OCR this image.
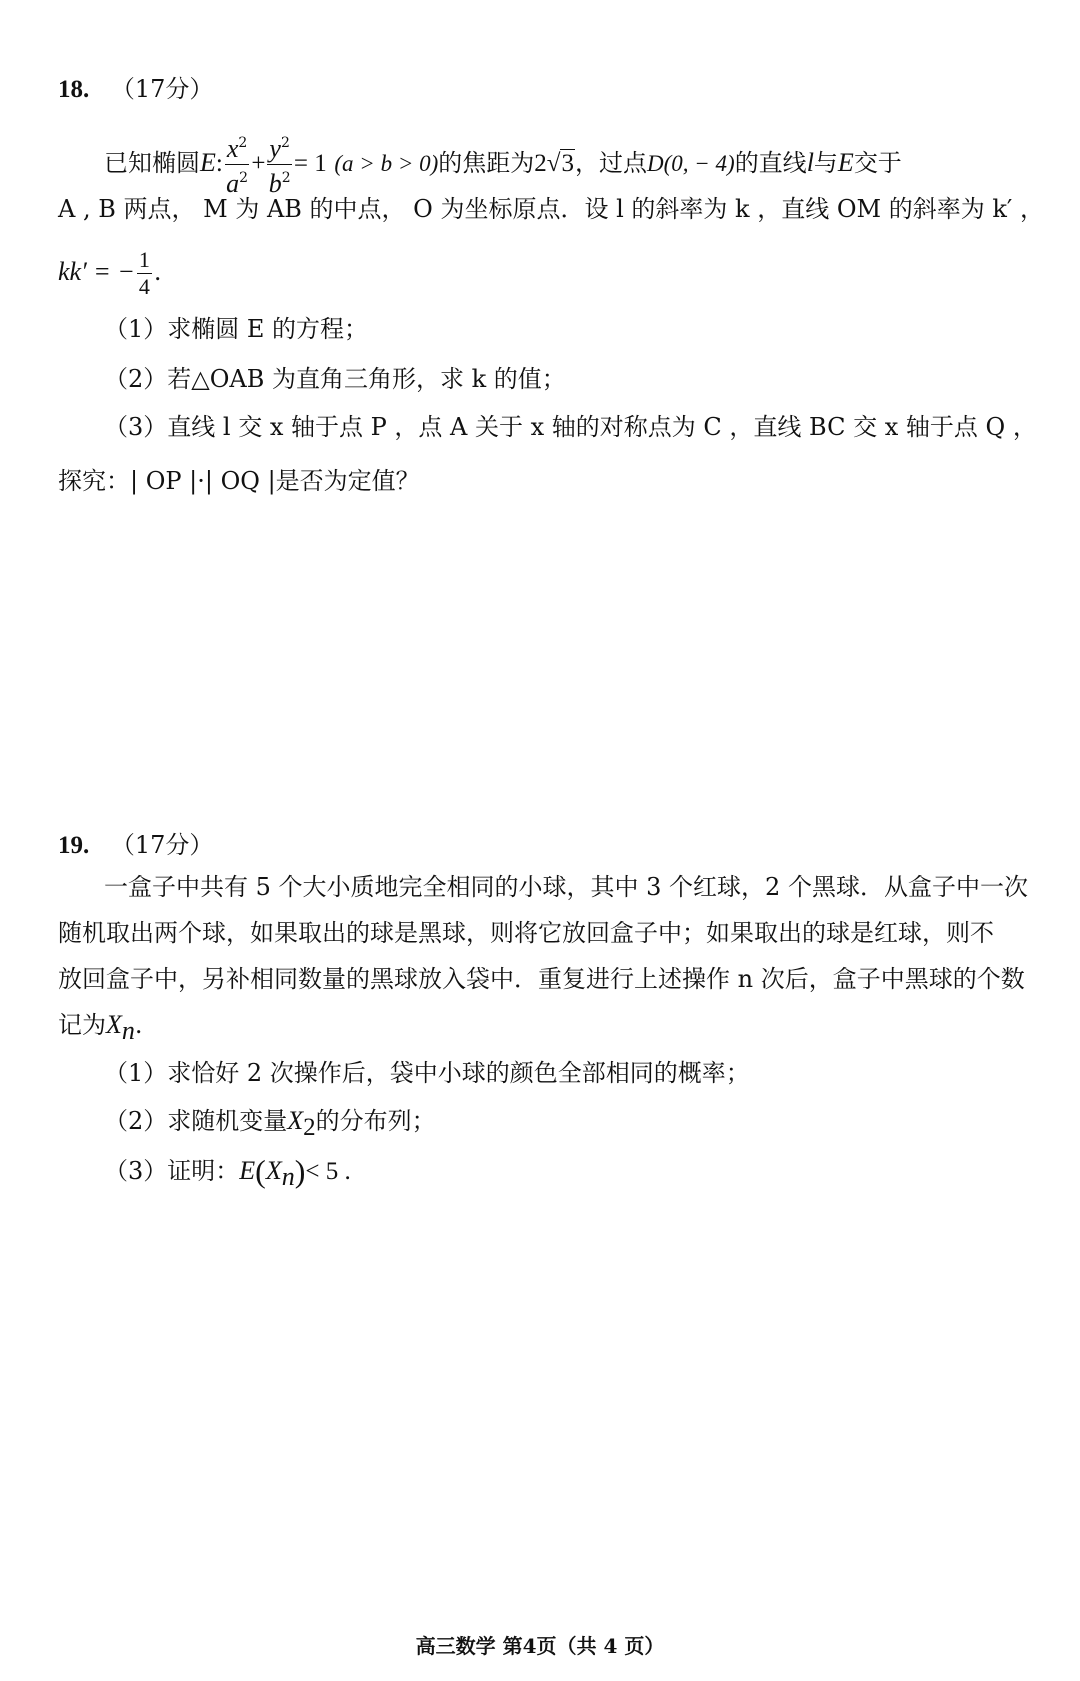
18. （17分）
已知椭圆E: $\frac{x^2}{a^2} + \frac{y^2}{b^2} = 1$ (a > b > 0)的焦距为2√3，过点D(0, − 4)的直线l与E交于
A , B 两点， M 为 AB 的中点， O 为坐标原点．设 l 的斜率为 k ，直线 OM 的斜率为 k′ ，
kk′ = − $\frac{1}{4}$ .
（1）求椭圆 E 的方程；
（2）若△OAB 为直角三角形，求 k 的值；
（3）直线 l 交 x 轴于点 P ，点 A 关于 x 轴的对称点为 C ，直线 BC 交 x 轴于点 Q ，
探究：| OP |·| OQ |是否为定值？
19. （17分）
一盒子中共有 5 个大小质地完全相同的小球，其中 3 个红球，2 个黑球．从盒子中一次
随机取出两个球，如果取出的球是黑球，则将它放回盒子中；如果取出的球是红球，则不
放回盒子中，另补相同数量的黑球放入袋中．重复进行上述操作 n 次后，盒子中黑球的个数
记为$X_n$.
（1）求恰好 2 次操作后，袋中小球的颜色全部相同的概率；
（2）求随机变量$X_2$的分布列；
（3）证明：$E(X_n)< 5$ .
高三数学 第4页（共 4 页）
